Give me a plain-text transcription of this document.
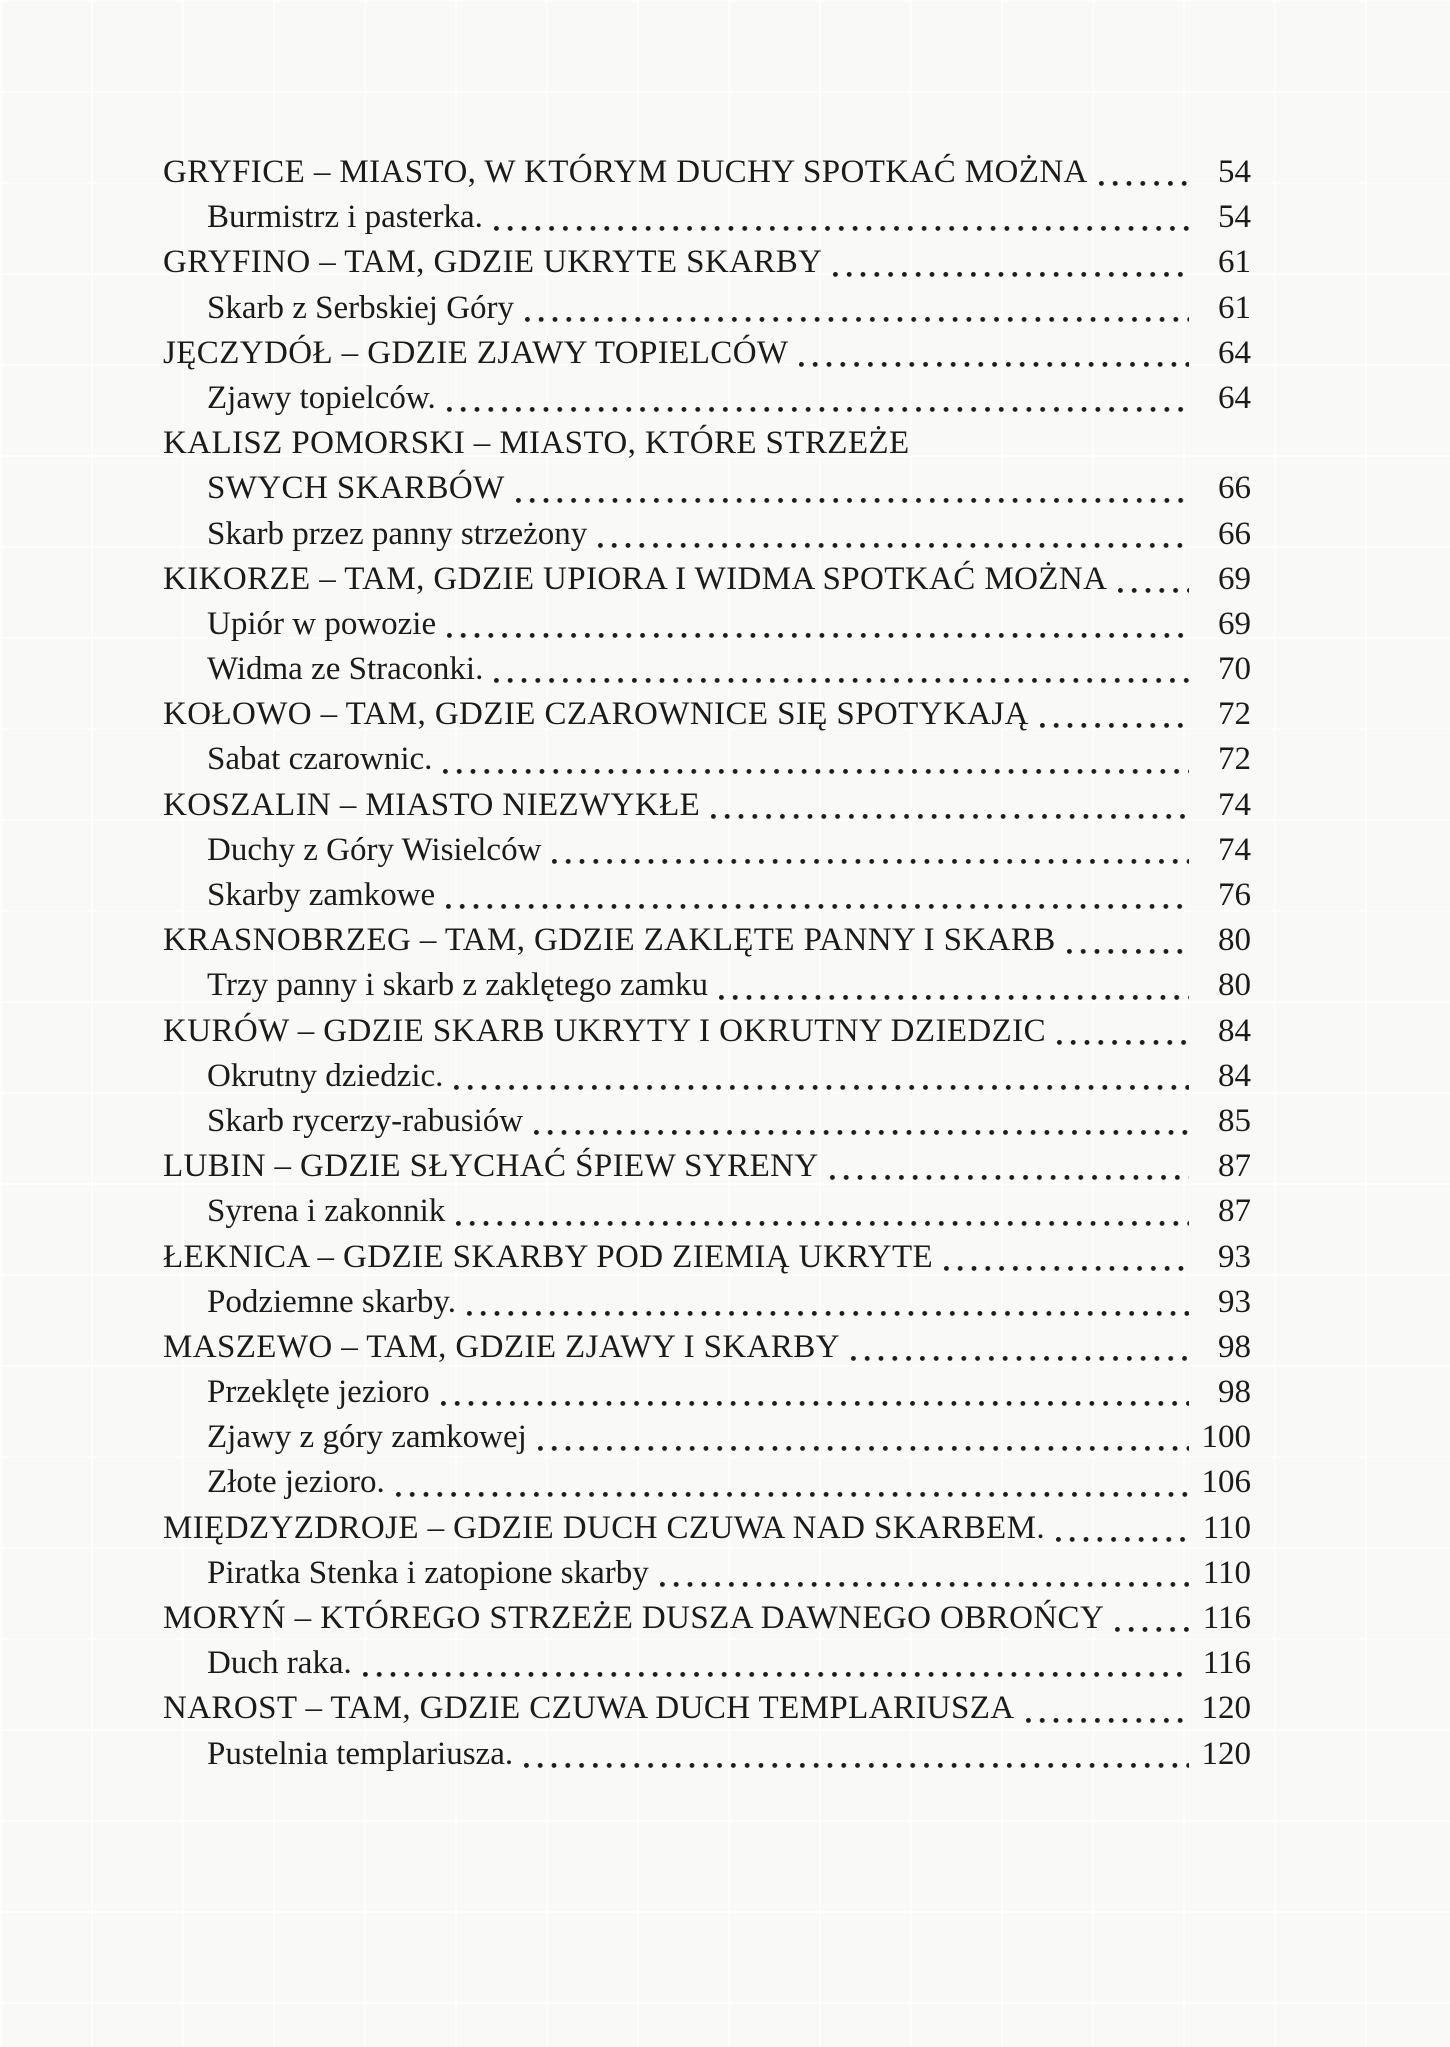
GRYFICE – MIASTO, W KTÓRYM DUCHY SPOTKAĆ MOŻNA	54
Burmistrz i pasterka.	54
GRYFINO – TAM, GDZIE UKRYTE SKARBY	61
Skarb z Serbskiej Góry	61
JĘCZYDÓŁ – GDZIE ZJAWY TOPIELCÓW	64
Zjawy topielców.	64
KALISZ POMORSKI – MIASTO, KTÓRE STRZEŻE
SWYCH SKARBÓW	66
Skarb przez panny strzeżony	66
KIKORZE – TAM, GDZIE UPIORA I WIDMA SPOTKAĆ MOŻNA	69
Upiór w powozie	69
Widma ze Straconki.	70
KOŁOWO – TAM, GDZIE CZAROWNICE SIĘ SPOTYKAJĄ	72
Sabat czarownic.	72
KOSZALIN – MIASTO NIEZWYKŁE	74
Duchy z Góry Wisielców	74
Skarby zamkowe	76
KRASNOBRZEG – TAM, GDZIE ZAKLĘTE PANNY I SKARB	80
Trzy panny i skarb z zaklętego zamku	80
KURÓW – GDZIE SKARB UKRYTY I OKRUTNY DZIEDZIC	84
Okrutny dziedzic.	84
Skarb rycerzy-rabusiów	85
LUBIN – GDZIE SŁYCHAĆ ŚPIEW SYRENY	87
Syrena i zakonnik	87
ŁEKNICA – GDZIE SKARBY POD ZIEMIĄ UKRYTE	93
Podziemne skarby.	93
MASZEWO – TAM, GDZIE ZJAWY I SKARBY	98
Przeklęte jezioro	98
Zjawy z góry zamkowej	100
Złote jezioro.	106
MIĘDZYZDROJE – GDZIE DUCH CZUWA NAD SKARBEM.	110
Piratka Stenka i zatopione skarby	110
MORYŃ – KTÓREGO STRZEŻE DUSZA DAWNEGO OBROŃCY	116
Duch raka.	116
NAROST – TAM, GDZIE CZUWA DUCH TEMPLARIUSZA	120
Pustelnia templariusza.	120
